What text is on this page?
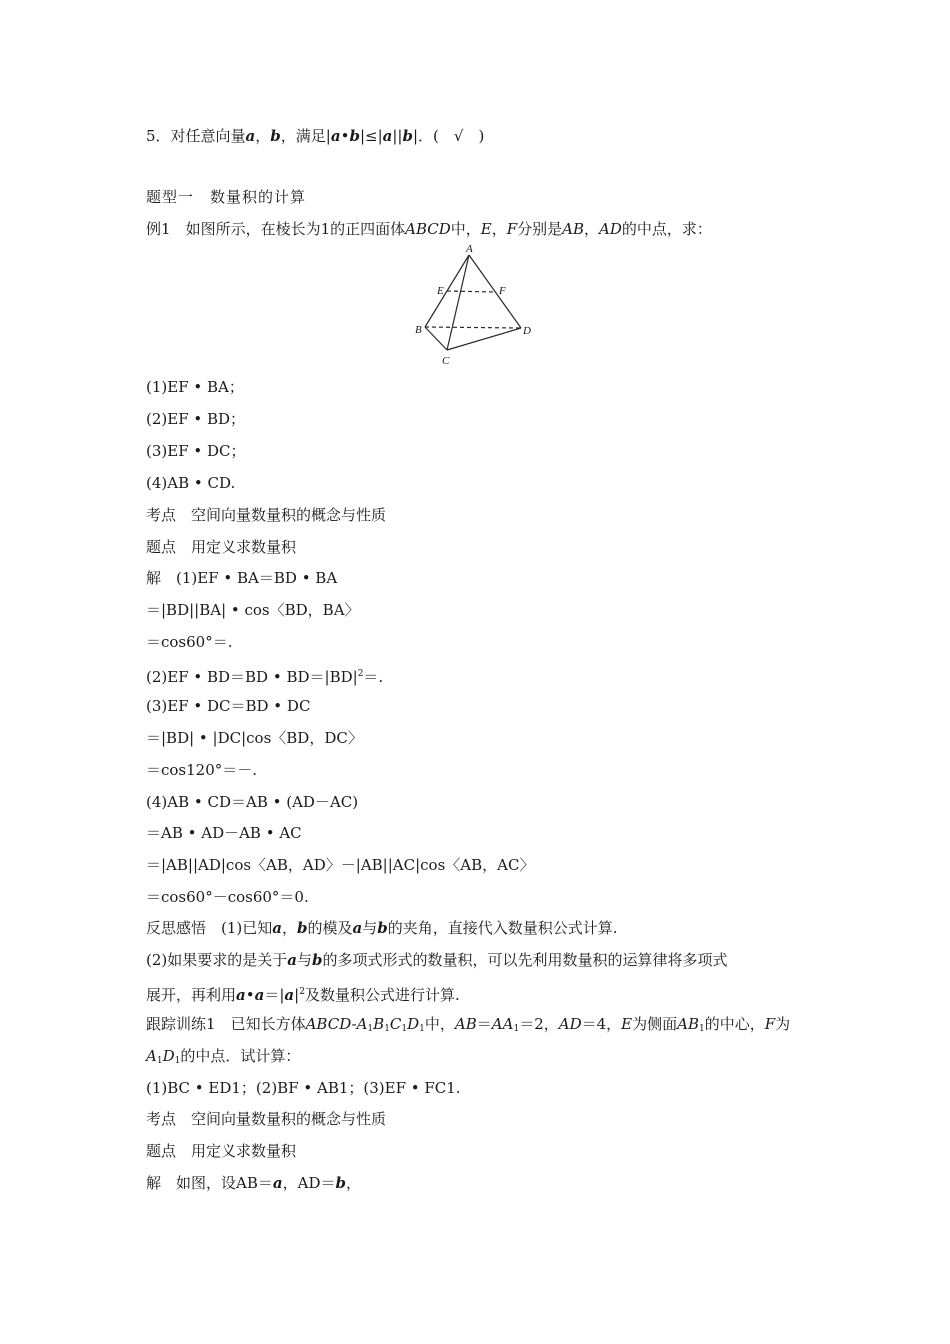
5．对任意向量a，b，满足|a•b|≤|a||b|．(　√　)
题型一　 数量积的计算
例1　 如图所示，在棱长为1的正四面体ABCD中，E，F分别是AB，AD的中点，求：
A
E	F
B	D
C
(1)EF • BA；
(2)EF • BD；
(3)EF • DC；
(4)AB • CD.
考点　 空间向量数量积的概念与性质
题点　 用定义求数量积
解　 (1)EF • BA＝BD • BA
＝|BD||BA| • cos〈BD，BA〉
＝cos60°＝.
(2)EF • BD＝BD • $BD=|BD|^2=$.
(3)EF • DC＝BD • DC
＝|BD| • |DC|cos〈BD，DC〉
＝cos120°＝－.
(4)AB • CD＝AB • (AD－AC)
＝AB • AD－AB • AC
＝|AB||AD|cos〈AB，AD〉－|AB||AC|cos〈AB，AC〉
＝cos60°－cos60°＝0.
反思感悟　 (1)已知a，b的模及a与b的夹角，直接代入数量积公式计算.
(2)如果要求的是关于a与b的多项式形式的数量积，可以先利用数量积的运算律将多项式
展开，再利用$a•a=|a|^2$及数量积公式进行计算.
跟踪训练1　 已知长方体ABCD-$A_1B_1C_1D_1$中，$AB=AA_1=2$，AD＝4，E为侧面$AB_1$的中心，F为
$A_1D_1$的中点．试计算：
(1)BC • ED1；(2)BF • AB1；(3)EF • FC1.
考点　 空间向量数量积的概念与性质
题点　 用定义求数量积
解　 如图，设AB＝a，AD＝b，
